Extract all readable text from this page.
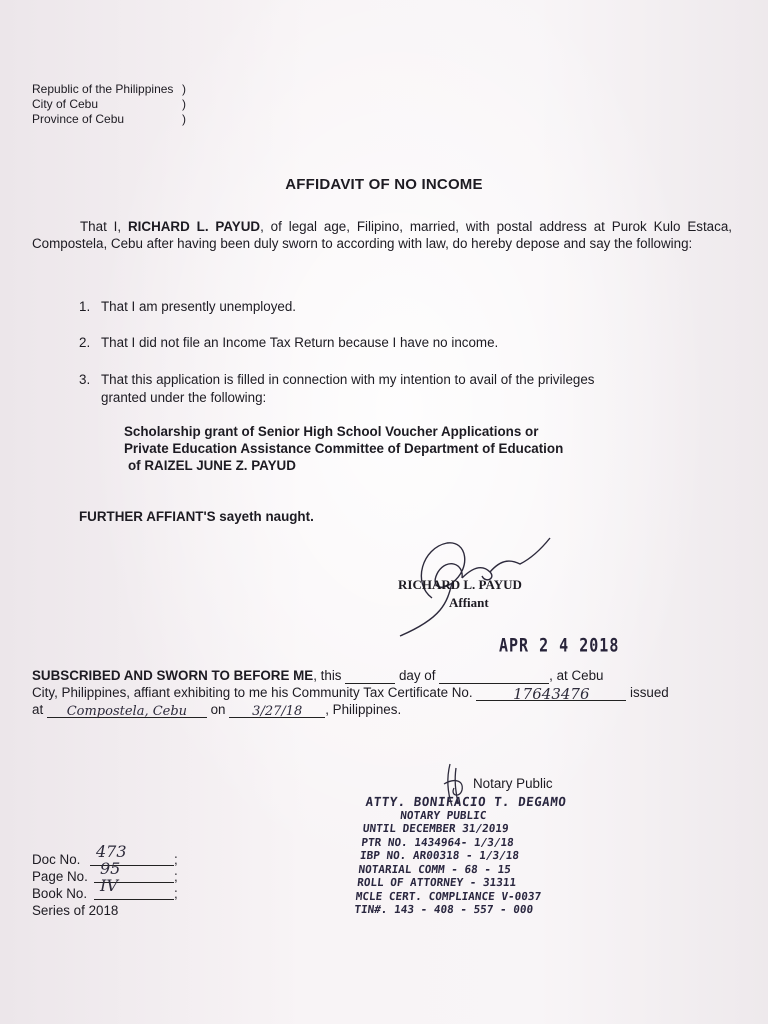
Republic of the Philippines )
City of Cebu	)
Province of Cebu	)
AFFIDAVIT OF NO INCOME
That I, RICHARD L. PAYUD, of legal age, Filipino, married, with postal address at Purok Kulo Estaca, Compostela, Cebu after having been duly sworn to according with law, do hereby depose and say the following:
1. That I am presently unemployed.
2. That I did not file an Income Tax Return because I have no income.
3. That this application is filled in connection with my intention to avail of the privileges
granted under the following:
Scholarship grant of Senior High School Voucher Applications or
Private Education Assistance Committee of Department of Education
of RAIZEL JUNE Z. PAYUD
FURTHER AFFIANT'S sayeth naught.
RICHARD L. PAYUD
Affiant
APR 2 4 2018
SUBSCRIBED AND SWORN TO BEFORE ME, this	day of	, at Cebu
City, Philippines, affiant exhibiting to me his Community Tax Certificate No. 17643476	issued
at Compostela, Cebu on 3/27/18 , Philippines.
Notary Public
ATTY. BONIFACIO T. DEGAMO
NOTARY PUBLIC
UNTIL DECEMBER 31/2019
PTR NO. 1434964- 1/3/18
IBP NO. AR00318 - 1/3/18
NOTARIAL COMM - 68 - 15
ROLL OF ATTORNEY - 31311
MCLE CERT. COMPLIANCE V-0037
TIN#. 143 - 408 - 557 - 000
Doc No. 473	;
Page No. 95	;
Book No. IV	;
Series of 2018
